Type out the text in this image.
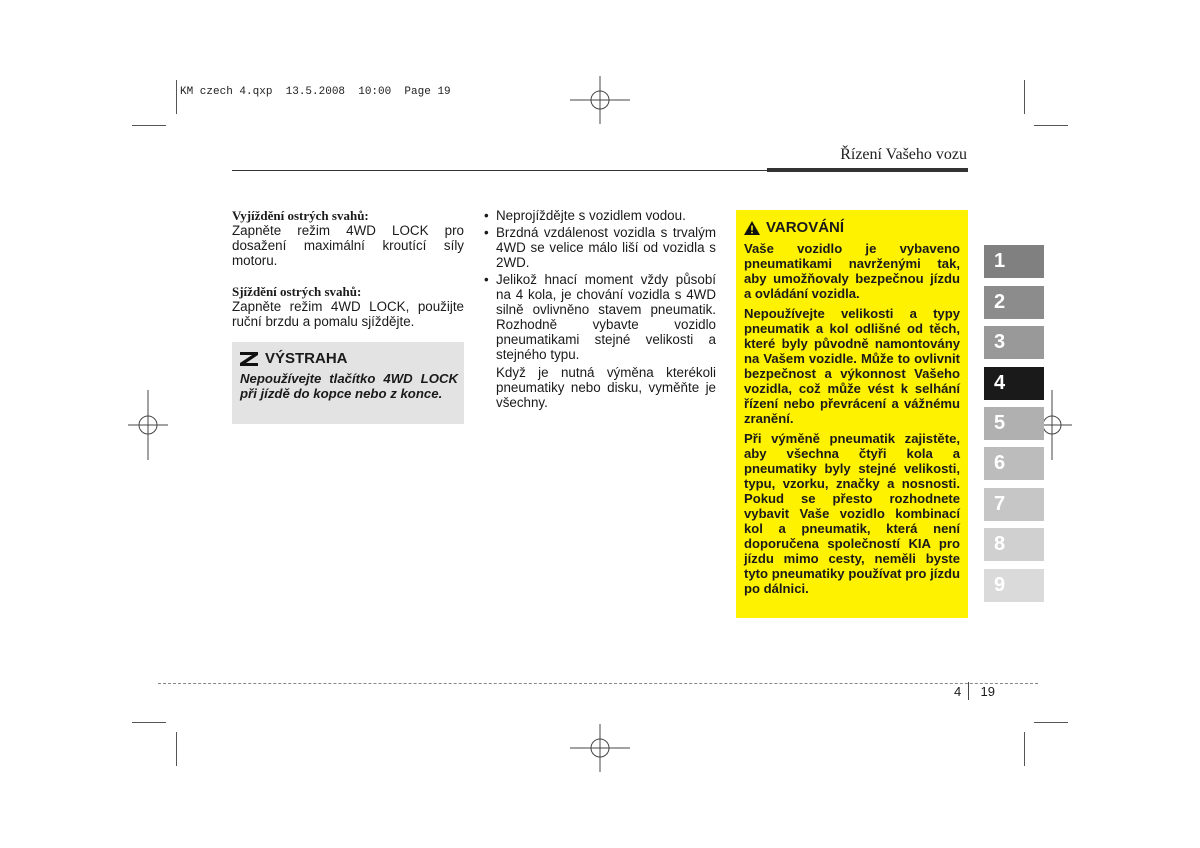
KM czech 4.qxp  13.5.2008  10:00  Page 19
Řízení Vašeho vozu

Vyjíždění ostrých svahů:

Zapněte režim 4WD LOCK pro dosažení maximální kroutící síly motoru.

Sjíždění ostrých svahů:

Zapněte režim 4WD LOCK, použijte ruční brzdu a pomalu sjíždějte.

VÝSTRAHA
Nepoužívejte tlačítko 4WD LOCK při jízdě do kopce nebo z konce.
• Neprojíždějte s vozidlem vodou.
• Brzdná vzdálenost vozidla s trvalým 4WD se velice málo liší od vozidla s 2WD.
• Jelikož hnací moment vždy působí na 4 kola, je chování vozidla s 4WD silně ovlivněno stavem pneumatik. Rozhodně vybavte vozidlo pneumatikami stejné velikosti a stejného typu.
Když je nutná výměna kterékoli pneumatiky nebo disku, vyměňte je všechny.
VAROVÁNÍ

Vaše vozidlo je vybaveno pneumatikami navrženými tak, aby umožňovaly bezpečnou jízdu a ovládání vozidla.

Nepoužívejte velikosti a typy pneumatik a kol odlišné od těch, které byly původně namontovány na Vašem vozidle. Může to ovlivnit bezpečnost a výkonnost Vašeho vozidla, což může vést k selhání řízení nebo převrácení a vážnému zranění.

Při výměně pneumatik zajistěte, aby všechna čtyři kola a pneumatiky byly stejné velikosti, typu, vzorku, značky a nosnosti. Pokud se přesto rozhodnete vybavit Vaše vozidlo kombinací kol a pneumatik, která není doporučena společností KIA pro jízdu mimo cesty, neměli byste tyto pneumatiky používat pro jízdu po dálnici.

1
2
3
4
5
6
7
8
9
4 19
